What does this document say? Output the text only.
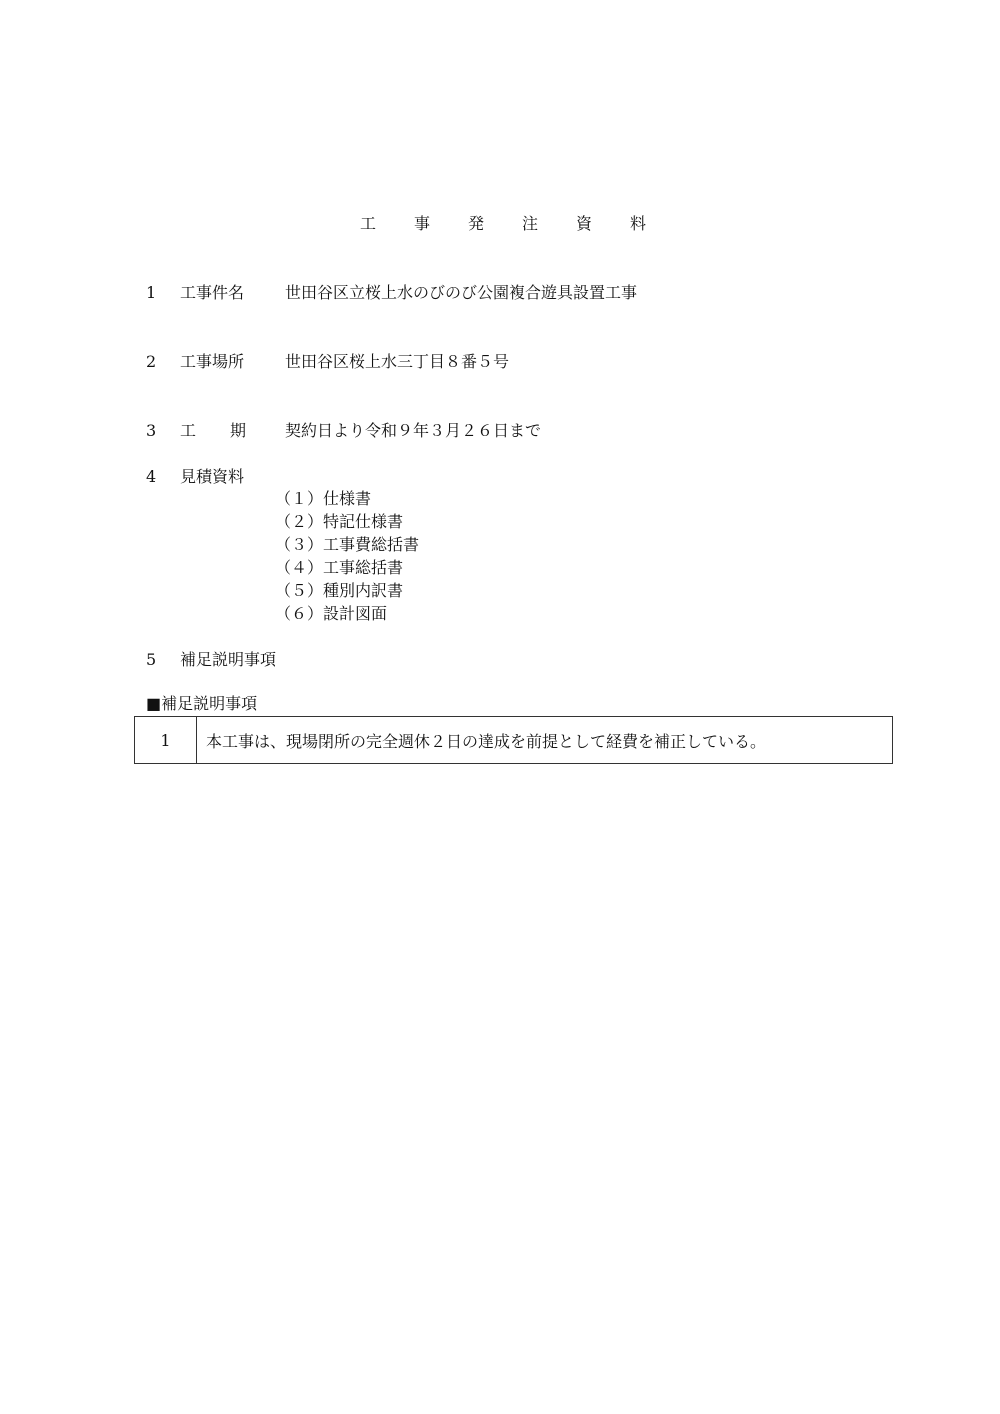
工 事 発 注 資 料
1 工事件名	世田谷区立桜上水のびのび公園複合遊具設置工事
2 工事場所	世田谷区桜上水三丁目８番５号
3 工 期 契約日より令和９年３月２６日まで
4 見積資料
（１）仕様書
（２）特記仕様書
（３）工事費総括書
（４）工事総括書
（５）種別内訳書
（６）設計図面
5 補足説明事項
■補足説明事項
1	本工事は、現場閉所の完全週休２日の達成を前提として経費を補正している。
